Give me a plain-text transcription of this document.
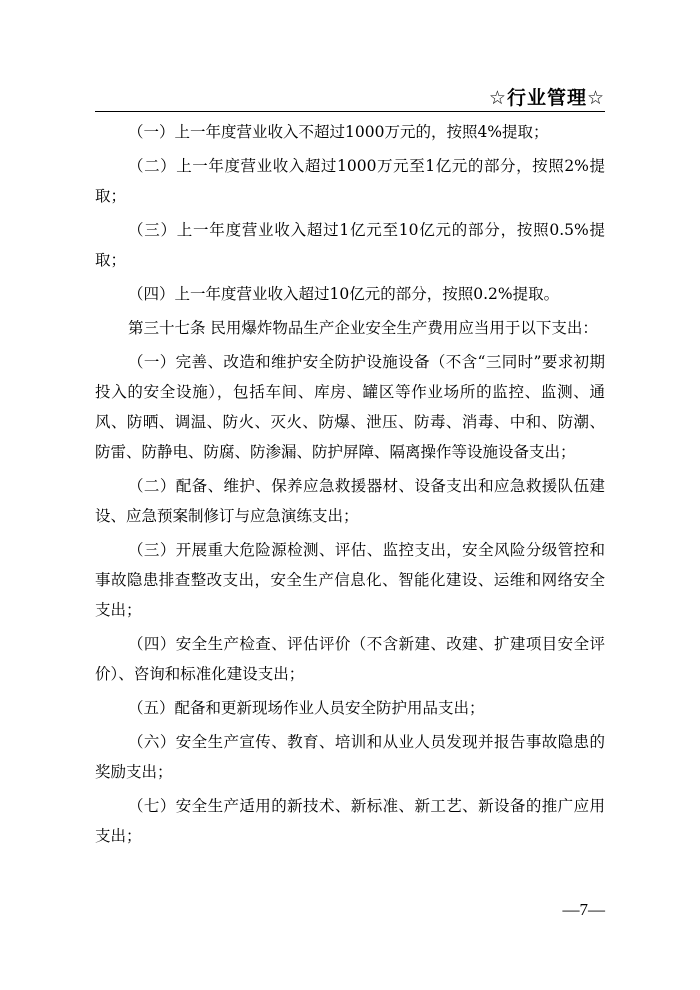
☆行业管理☆

（一）上一年度营业收入不超过1000万元的，按照4%提取；

（二）上一年度营业收入超过1000万元至1亿元的部分，按照2%提取；

（三）上一年度营业收入超过1亿元至10亿元的部分，按照0.5%提取；

（四）上一年度营业收入超过10亿元的部分，按照0.2%提取。

第三十七条 民用爆炸物品生产企业安全生产费用应当用于以下支出：

（一）完善、改造和维护安全防护设施设备（不含“三同时”要求初期投入的安全设施），包括车间、库房、罐区等作业场所的监控、监测、通风、防晒、调温、防火、灭火、防爆、泄压、防毒、消毒、中和、防潮、防雷、防静电、防腐、防渗漏、防护屏障、隔离操作等设施设备支出；

（二）配备、维护、保养应急救援器材、设备支出和应急救援队伍建设、应急预案制修订与应急演练支出；

（三）开展重大危险源检测、评估、监控支出，安全风险分级管控和事故隐患排查整改支出，安全生产信息化、智能化建设、运维和网络安全支出；

（四）安全生产检查、评估评价（不含新建、改建、扩建项目安全评价）、咨询和标准化建设支出；

（五）配备和更新现场作业人员安全防护用品支出；

（六）安全生产宣传、教育、培训和从业人员发现并报告事故隐患的奖励支出；

（七）安全生产适用的新技术、新标准、新工艺、新设备的推广应用支出；

—7—
